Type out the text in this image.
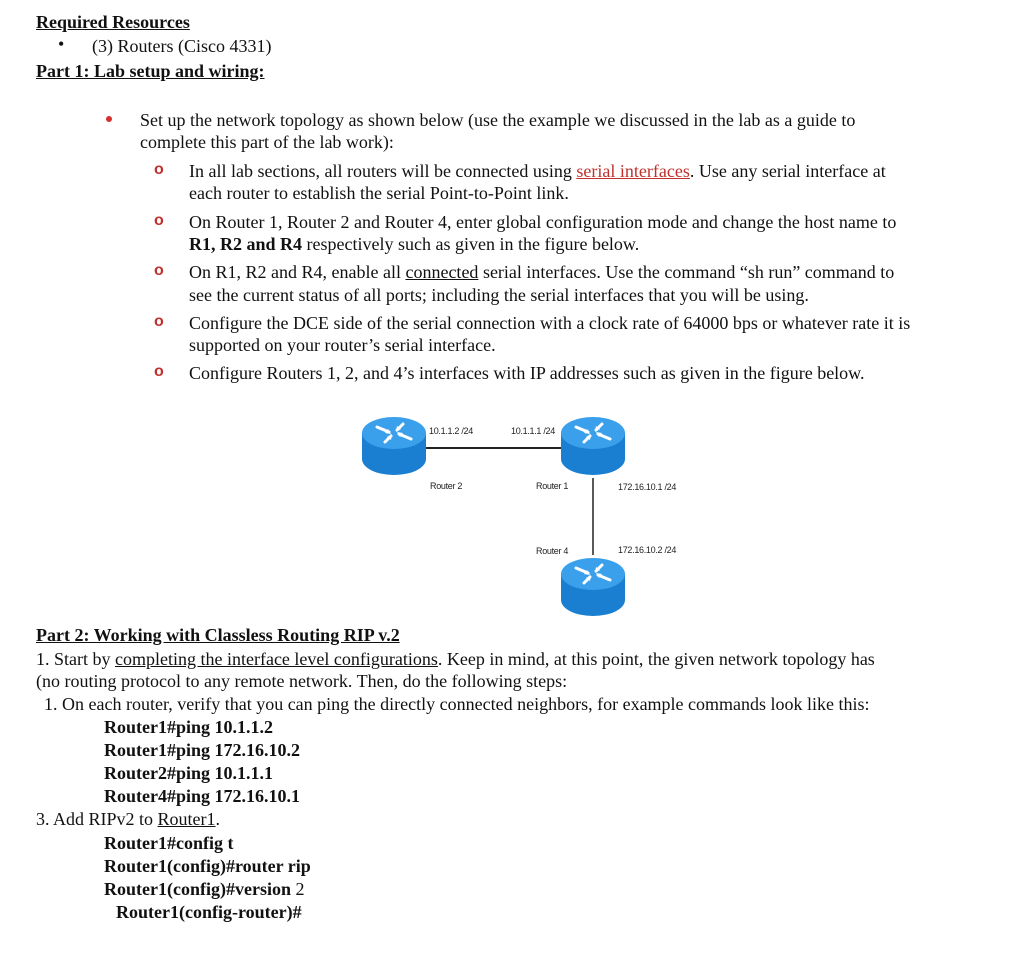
Required Resources
• (3) Routers (Cisco 4331)
Part 1: Lab setup and wiring:
Set up the network topology as shown below (use the example we discussed in the lab as a guide to
complete this part of the lab work):
o In all lab sections, all routers will be connected using serial interfaces. Use any serial interface at
each router to establish the serial Point-to-Point link.
o On Router 1, Router 2 and Router 4, enter global configuration mode and change the host name to
R1, R2 and R4 respectively such as given in the figure below.
o On R1, R2 and R4, enable all connected serial interfaces. Use the command “sh run” command to
see the current status of all ports; including the serial interfaces that you will be using.
o Configure the DCE side of the serial connection with a clock rate of 64000 bps or whatever rate it is
supported on your router’s serial interface.
o Configure Routers 1, 2, and 4’s interfaces with IP addresses such as given in the figure below.
10.1.1.2 /24	10.1.1.1 /24
Router 2	Router 1	172.16.10.1 /24
Router 4	172.16.10.2 /24
Part 2: Working with Classless Routing RIP v.2
1. Start by completing the interface level configurations. Keep in mind, at this point, the given network topology has
(no routing protocol to any remote network. Then, do the following steps:
1. On each router, verify that you can ping the directly connected neighbors, for example commands look like this:
Router1#ping 10.1.1.2
Router1#ping 172.16.10.2
Router2#ping 10.1.1.1
Router4#ping 172.16.10.1
3. Add RIPv2 to Router1.
Router1#config t
Router1(config)#router rip
Router1(config)#version 2
Router1(config-router)#
